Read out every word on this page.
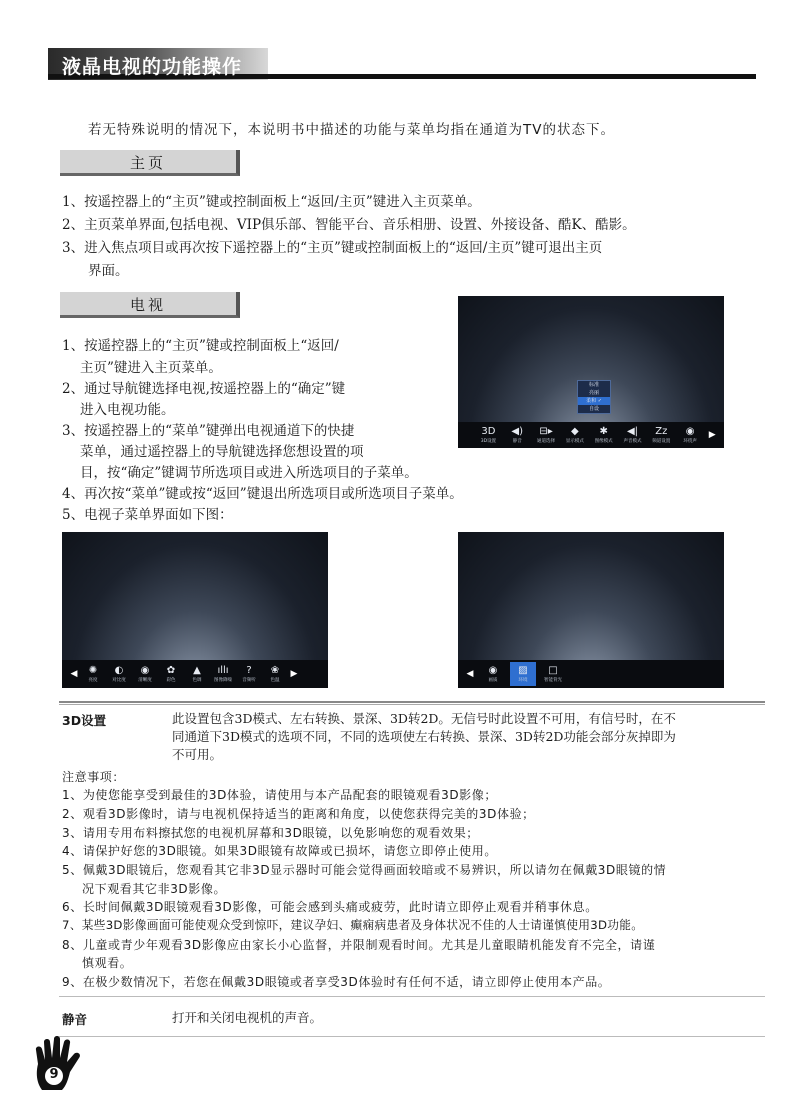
液晶电视的功能操作
若无特殊说明的情况下，本说明书中描述的功能与菜单均指在通道为TV的状态下。
主页
1、按遥控器上的“主页”键或控制面板上“返回/主页”键进入主页菜单。
2、主页菜单界面,包括电视、VIP俱乐部、智能平台、音乐相册、设置、外接设备、酷K、酷影。
3、进入焦点项目或再次按下遥控器上的“主页”键或控制面板上的“返回/主页”键可退出主页
界面。
电视
1、按遥控器上的“主页”键或控制面板上“返回/
主页”键进入主页菜单。
2、通过导航键选择电视,按遥控器上的“确定”键
进入电视功能。
3、按遥控器上的“菜单”键弹出电视通道下的快捷
菜单，通过遥控器上的导航键选择您想设置的项
目，按“确定”键调节所选项目或进入所选项目的子菜单。
4、再次按“菜单”键或按“返回”键退出所选项目或所选项目子菜单。
5、电视子菜单界面如下图：
标准
亮丽
柔和 ✓
自设
3D
3D设置
◀)
静音
⊟▸
通道选择
◆
显示模式
✱
图像模式
◀|
声音模式
Zz
频道设置
◉
环绕声
▶
◀ ✺
亮度
◐
对比度
◉
清晰度
✿
彩色
▲
色调
ıllı
图像降噪
?
音频听
❀
色温
▶	◀ ◉
画质
▨
环境
□
智能背光
3D设置	此设置包含3D模式、左右转换、景深、3D转2D。无信号时此设置不可用，有信号时，在不
同通道下3D模式的选项不同，不同的选项使左右转换、景深、3D转2D功能会部分灰掉即为
不可用。
注意事项：
1、为使您能享受到最佳的3D体验，请使用与本产品配套的眼镜观看3D影像；
2、观看3D影像时，请与电视机保持适当的距离和角度，以使您获得完美的3D体验；
3、请用专用布料擦拭您的电视机屏幕和3D眼镜，以免影响您的观看效果；
4、请保护好您的3D眼镜。如果3D眼镜有故障或已损坏，请您立即停止使用。
5、佩戴3D眼镜后，您观看其它非3D显示器时可能会觉得画面较暗或不易辨识，所以请勿在佩戴3D眼镜的情
况下观看其它非3D影像。
6、长时间佩戴3D眼镜观看3D影像，可能会感到头痛或疲劳，此时请立即停止观看并稍事休息。
7、某些3D影像画面可能使观众受到惊吓，建议孕妇、癫痫病患者及身体状况不佳的人士请谨慎使用3D功能。
8、儿童或青少年观看3D影像应由家长小心监督，并限制观看时间。尤其是儿童眼睛机能发育不完全，请谨
慎观看。
9、在极少数情况下，若您在佩戴3D眼镜或者享受3D体验时有任何不适，请立即停止使用本产品。
静音	打开和关闭电视机的声音。
9
